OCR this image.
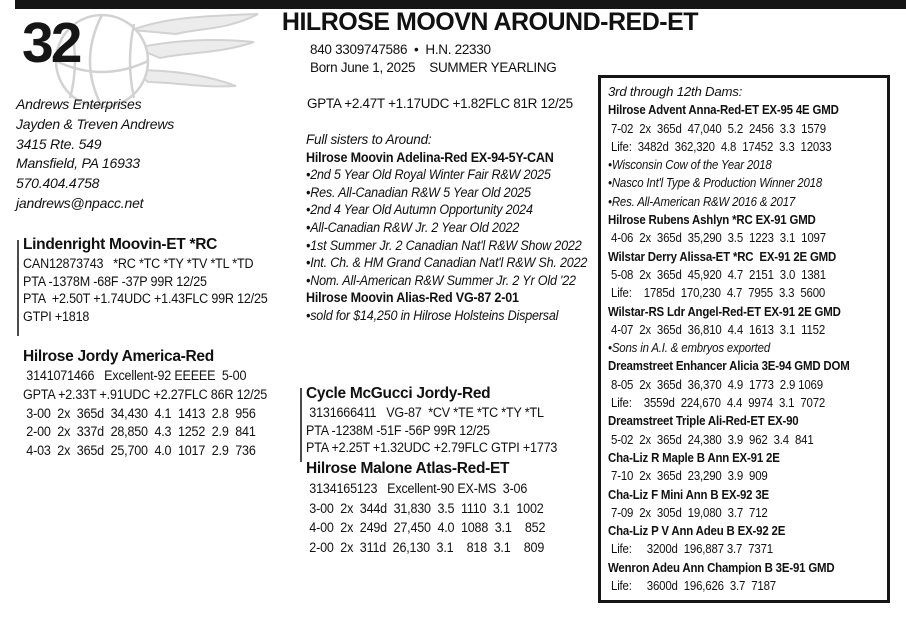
32	HILROSE MOOVN AROUND-RED-ET
840 3309747586  •  H.N. 22330
Born June 1, 2025 SUMMER YEARLING
GPTA +2.47T +1.17UDC +1.82FLC 81R 12/25
Andrews Enterprises
Jayden & Treven Andrews
3415 Rte. 549
Mansfield, PA 16933
570.404.4758
jandrews@npacc.net
Lindenright Moovin-ET *RC
CAN12873743   *RC *TC *TY *TV *TL *TD
PTA -1378M -68F -37P 99R 12/25
PTA  +2.50T +1.74UDC +1.43FLC 99R 12/25
GTPI +1818
Hilrose Jordy America-Red
3141071466   Excellent-92 EEEEE  5-00
GPTA +2.33T +.91UDC +2.27FLC 86R 12/25
3-00  2x  365d  34,430  4.1  1413  2.8  956
2-00  2x  337d  28,850  4.3  1252  2.9  841
4-03  2x  365d  25,700  4.0  1017  2.9  736
Full sisters to Around:
Hilrose Moovin Adelina-Red EX-94-5Y-CAN
•2nd 5 Year Old Royal Winter Fair R&W 2025
•Res. All-Canadian R&W 5 Year Old 2025
•2nd 4 Year Old Autumn Opportunity 2024
•All-Canadian R&W Jr. 2 Year Old 2022
•1st Summer Jr. 2 Canadian Nat'l R&W Show 2022
•Int. Ch. & HM Grand Canadian Nat'l R&W Sh. 2022
•Nom. All-American R&W Summer Jr. 2 Yr Old '22
Hilrose Moovin Alias-Red VG-87 2-01
•sold for $14,250 in Hilrose Holsteins Dispersal
Cycle McGucci Jordy-Red
3131666411   VG-87  *CV *TE *TC *TY *TL
PTA -1238M -51F -56P 99R 12/25
PTA +2.25T +1.32UDC +2.79FLC GTPI +1773
Hilrose Malone Atlas-Red-ET
3134165123   Excellent-90 EX-MS  3-06
3-00  2x  344d  31,830  3.5  1110  3.1  1002
4-00  2x  249d  27,450  4.0  1088  3.1    852
2-00  2x  311d  26,130  3.1    818  3.1    809
3rd through 12th Dams:
Hilrose Advent Anna-Red-ET EX-95 4E GMD
7-02  2x  365d  47,040  5.2  2456  3.3  1579
Life:  3482d  362,320  4.8  17452  3.3  12033
•Wisconsin Cow of the Year 2018
•Nasco Int'l Type & Production Winner 2018
•Res. All-American R&W 2016 & 2017
Hilrose Rubens Ashlyn *RC EX-91 GMD
4-06  2x  365d  35,290  3.5  1223  3.1  1097
Wilstar Derry Alissa-ET *RC  EX-91 2E GMD
5-08  2x  365d  45,920  4.7  2151  3.0  1381
Life:    1785d  170,230  4.7  7955  3.3  5600
Wilstar-RS Ldr Angel-Red-ET EX-91 2E GMD
4-07  2x  365d  36,810  4.4  1613  3.1  1152
•Sons in A.I. & embryos exported
Dreamstreet Enhancer Alicia 3E-94 GMD DOM
8-05  2x  365d  36,370  4.9  1773  2.9 1069
Life:    3559d  224,670  4.4  9974  3.1  7072
Dreamstreet Triple Ali-Red-ET EX-90
5-02  2x  365d  24,380  3.9  962  3.4  841
Cha-Liz R Maple B Ann EX-91 2E
7-10  2x  365d  23,290  3.9  909
Cha-Liz F Mini Ann B EX-92 3E
7-09  2x  305d  19,080  3.7  712
Cha-Liz P V Ann Adeu B EX-92 2E
Life:     3200d  196,887 3.7  7371
Wenron Adeu Ann Champion B 3E-91 GMD
Life:     3600d  196,626  3.7  7187
